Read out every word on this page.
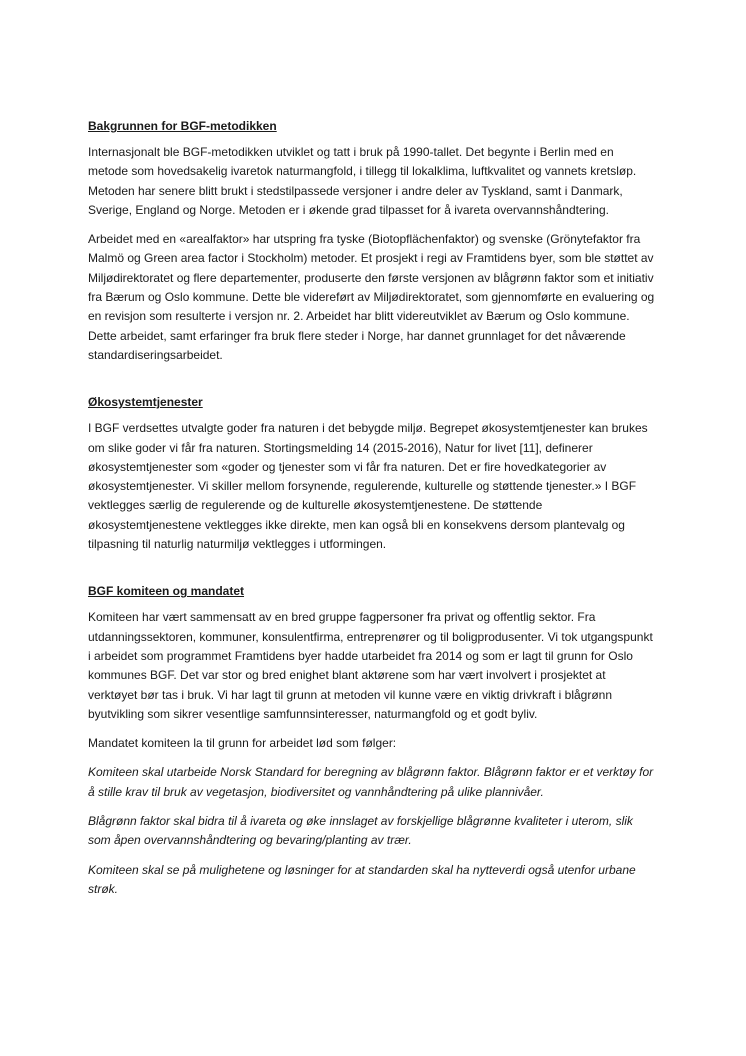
Bakgrunnen for BGF-metodikken

Internasjonalt ble BGF-metodikken utviklet og tatt i bruk på 1990-tallet. Det begynte i Berlin med en metode som hovedsakelig ivaretok naturmangfold, i tillegg til lokalklima, luftkvalitet og vannets kretsløp. Metoden har senere blitt brukt i stedstilpassede versjoner i andre deler av Tyskland, samt i Danmark, Sverige, England og Norge. Metoden er i økende grad tilpasset for å ivareta overvannshåndtering.

Arbeidet med en «arealfaktor» har utspring fra tyske (Biotopflächenfaktor) og svenske (Grönytefaktor fra Malmö og Green area factor i Stockholm) metoder. Et prosjekt i regi av Framtidens byer, som ble støttet av Miljødirektoratet og flere departementer, produserte den første versjonen av blågrønn faktor som et initiativ fra Bærum og Oslo kommune. Dette ble videreført av Miljødirektoratet, som gjennomførte en evaluering og en revisjon som resulterte i versjon nr. 2. Arbeidet har blitt videreutviklet av Bærum og Oslo kommune. Dette arbeidet, samt erfaringer fra bruk flere steder i Norge, har dannet grunnlaget for det nåværende standardiseringsarbeidet.

Økosystemtjenester

I BGF verdsettes utvalgte goder fra naturen i det bebygde miljø. Begrepet økosystemtjenester kan brukes om slike goder vi får fra naturen. Stortingsmelding 14 (2015-2016), Natur for livet [11], definerer økosystemtjenester som «goder og tjenester som vi får fra naturen. Det er fire hovedkategorier av økosystemtjenester. Vi skiller mellom forsynende, regulerende, kulturelle og støttende tjenester.» I BGF vektlegges særlig de regulerende og de kulturelle økosystemtjenestene. De støttende økosystemtjenestene vektlegges ikke direkte, men kan også bli en konsekvens dersom plantevalg og tilpasning til naturlig naturmiljø vektlegges i utformingen.

BGF komiteen og mandatet

Komiteen har vært sammensatt av en bred gruppe fagpersoner fra privat og offentlig sektor. Fra utdanningssektoren, kommuner, konsulentfirma, entreprenører og til boligprodusenter. Vi tok utgangspunkt i arbeidet som programmet Framtidens byer hadde utarbeidet fra 2014 og som er lagt til grunn for Oslo kommunes BGF. Det var stor og bred enighet blant aktørene som har vært involvert i prosjektet at verktøyet bør tas i bruk. Vi har lagt til grunn at metoden vil kunne være en viktig drivkraft i blågrønn byutvikling som sikrer vesentlige samfunnsinteresser, naturmangfold og et godt byliv.

Mandatet komiteen la til grunn for arbeidet lød som følger:

Komiteen skal utarbeide Norsk Standard for beregning av blågrønn faktor. Blågrønn faktor er et verktøy for å stille krav til bruk av vegetasjon, biodiversitet og vannhåndtering på ulike plannivåer.

Blågrønn faktor skal bidra til å ivareta og øke innslaget av forskjellige blågrønne kvaliteter i uterom, slik som åpen overvannshåndtering og bevaring/planting av trær.

Komiteen skal se på mulighetene og løsninger for at standarden skal ha nytteverdi også utenfor urbane strøk.
